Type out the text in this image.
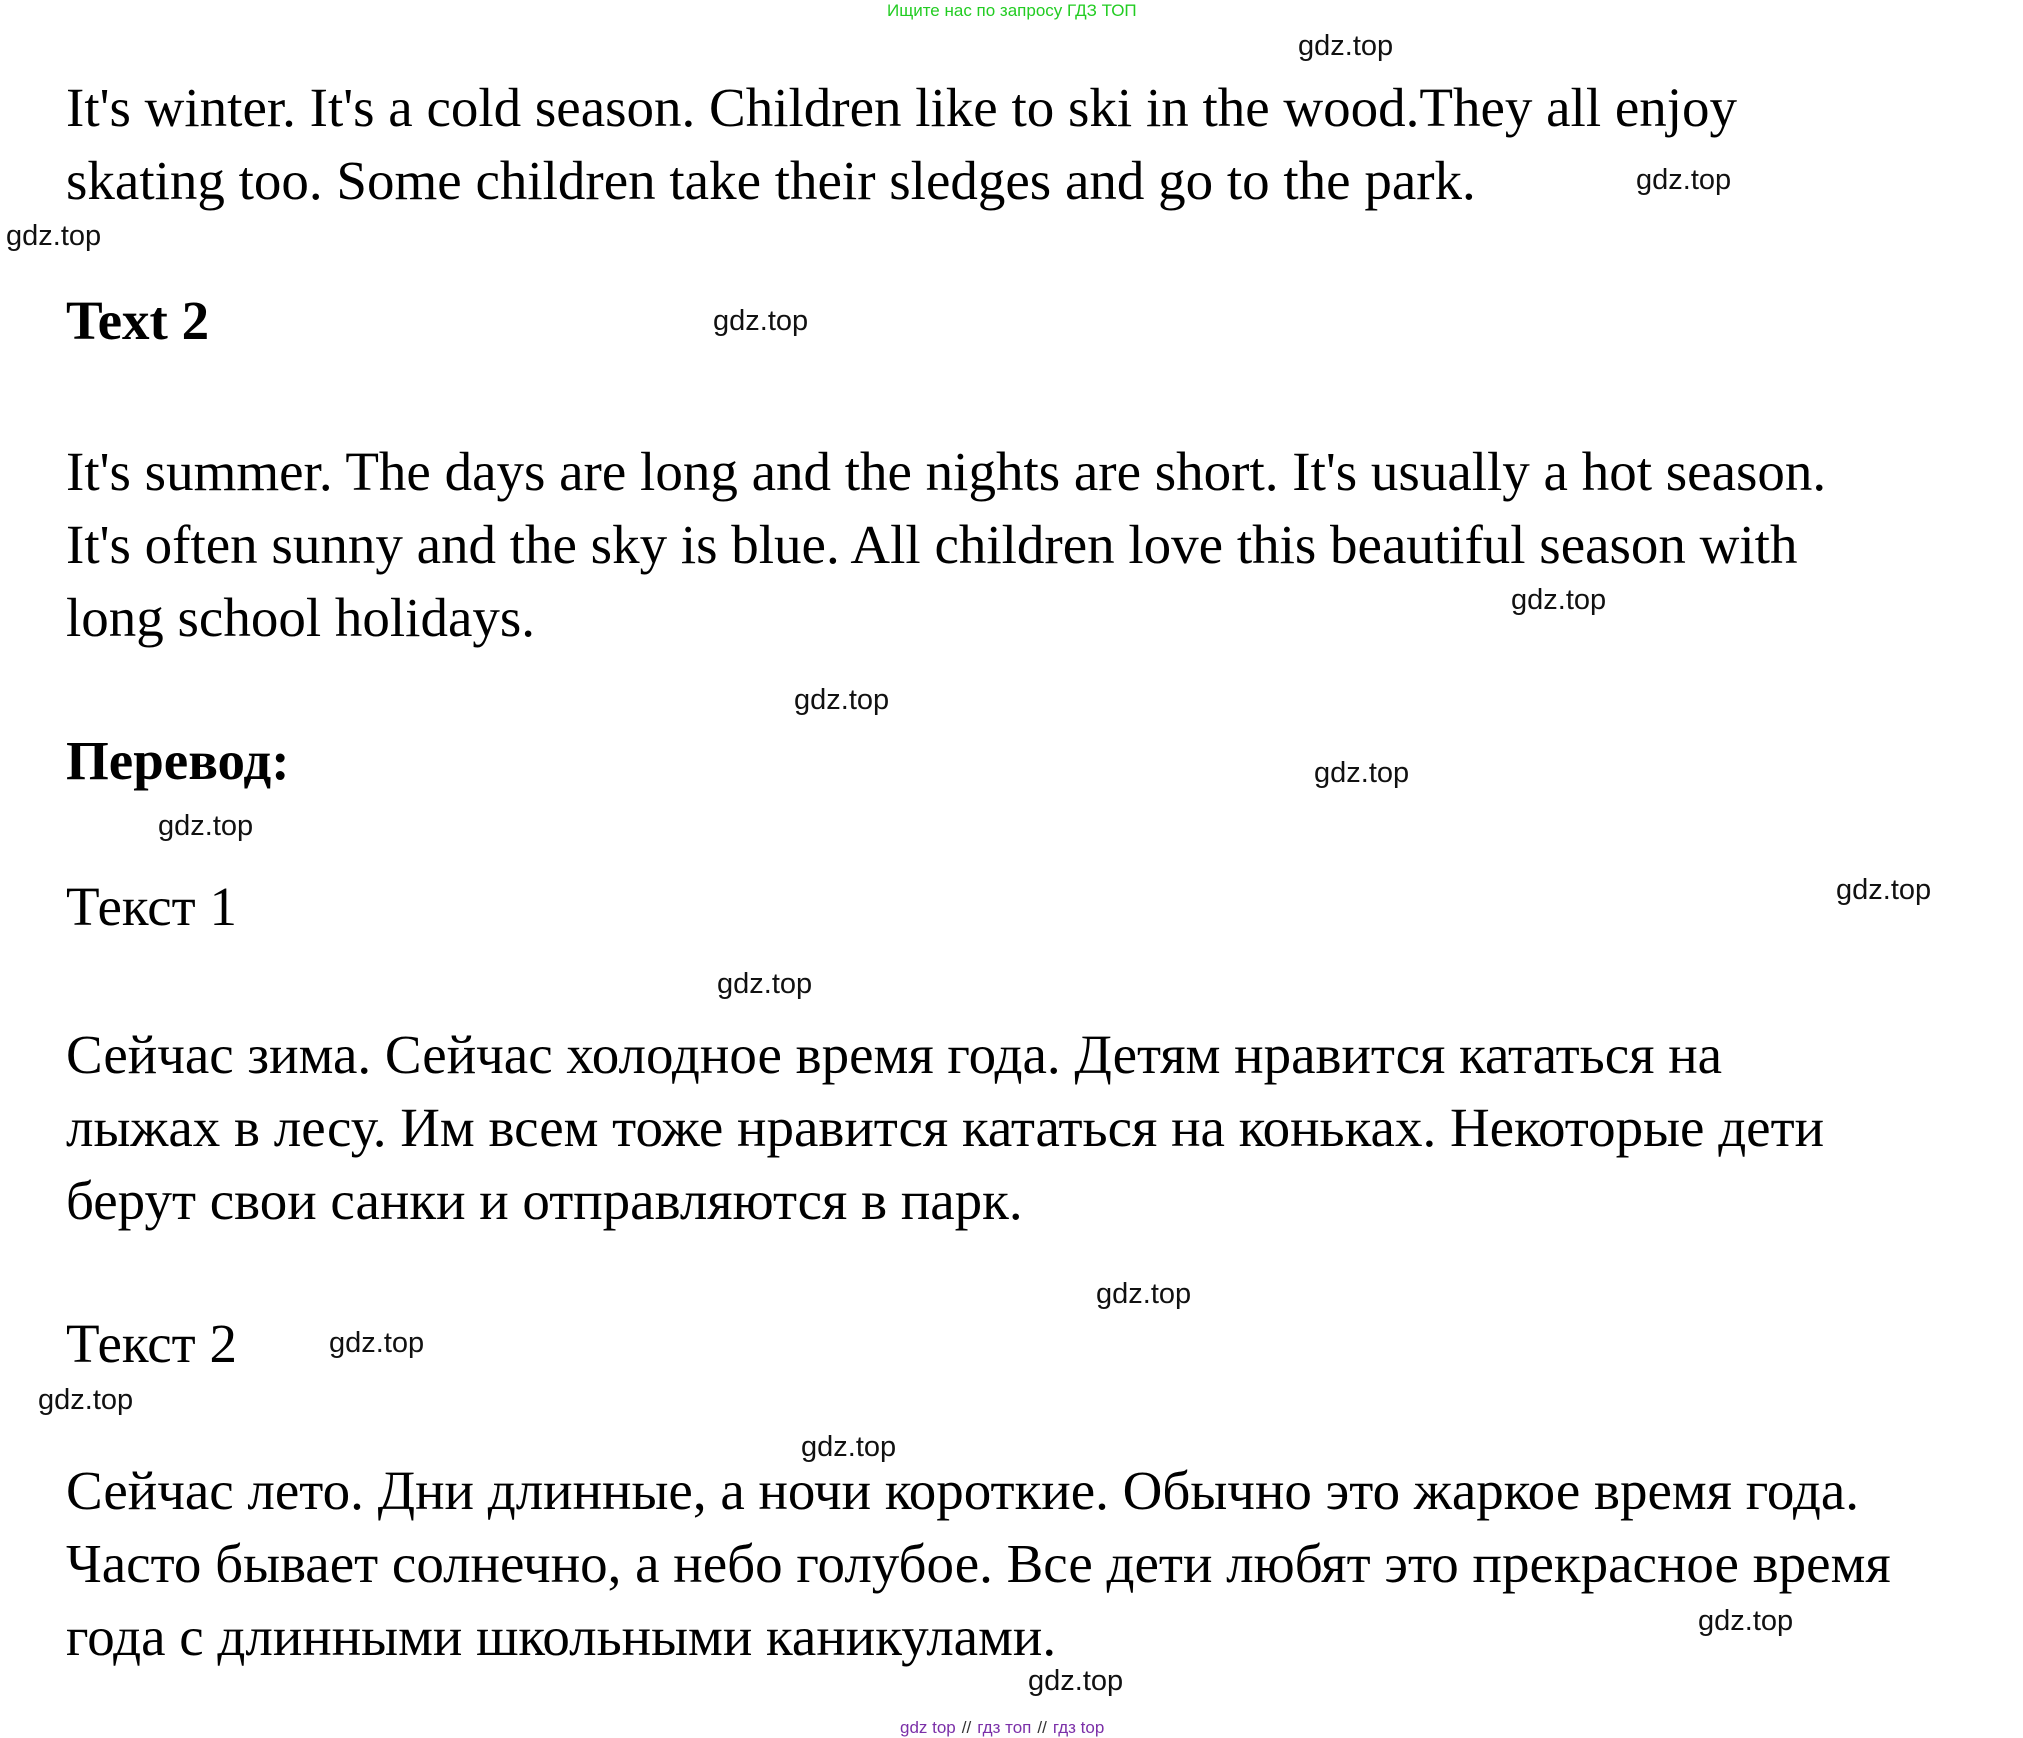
Ищите нас по запросу ГДЗ ТОП
It's winter. It's a cold season. Children like to ski in the wood.They all enjoy
skating too. Some children take their sledges and go to the park.
Text 2
It's summer. The days are long and the nights are short. It's usually a hot season.
It's often sunny and the sky is blue. All children love this beautiful season with
long school holidays.
Перевод:
Текст 1
Сейчас зима. Сейчас холодное время года. Детям нравится кататься на
лыжах в лесу. Им всем тоже нравится кататься на коньках. Некоторые дети
берут свои санки и отправляются в парк.
Текст 2
Сейчас лето. Дни длинные, а ночи короткие. Обычно это жаркое время года.
Часто бывает солнечно, а небо голубое. Все дети любят это прекрасное время
года с длинными школьными каникулами.
gdz.top
gdz.top
gdz.top
gdz.top
gdz.top
gdz.top
gdz.top
gdz.top
gdz.top
gdz.top
gdz.top
gdz.top
gdz.top
gdz.top
gdz.top
gdz.top
gdz top // гдз топ // гдз top
